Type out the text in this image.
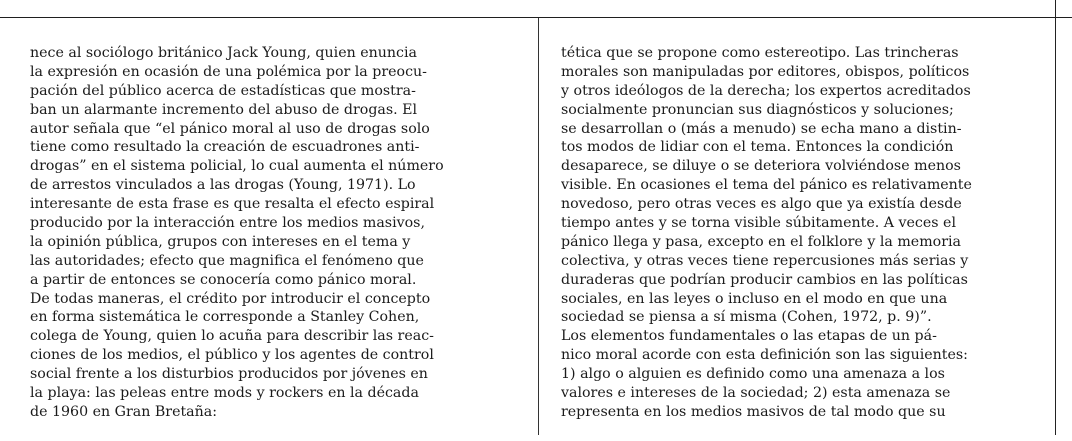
nece al sociólogo británico Jack Young, quien enuncia
la expresión en ocasión de una polémica por la preocu-
pación del público acerca de estadísticas que mostra-
ban un alarmante incremento del abuso de drogas. El
autor señala que “el pánico moral al uso de drogas solo
tiene como resultado la creación de escuadrones anti-
drogas” en el sistema policial, lo cual aumenta el número
de arrestos vinculados a las drogas (Young, 1971). Lo
interesante de esta frase es que resalta el efecto espiral
producido por la interacción entre los medios masivos,
la opinión pública, grupos con intereses en el tema y
las autoridades; efecto que magnifica el fenómeno que
a partir de entonces se conocería como pánico moral.
De todas maneras, el crédito por introducir el concepto
en forma sistemática le corresponde a Stanley Cohen,
colega de Young, quien lo acuña para describir las reac-
ciones de los medios, el público y los agentes de control
social frente a los disturbios producidos por jóvenes en
la playa: las peleas entre mods y rockers en la década
de 1960 en Gran Bretaña:
tética que se propone como estereotipo. Las trincheras
morales son manipuladas por editores, obispos, políticos
y otros ideólogos de la derecha; los expertos acreditados
socialmente pronuncian sus diagnósticos y soluciones;
se desarrollan o (más a menudo) se echa mano a distin-
tos modos de lidiar con el tema. Entonces la condición
desaparece, se diluye o se deteriora volviéndose menos
visible. En ocasiones el tema del pánico es relativamente
novedoso, pero otras veces es algo que ya existía desde
tiempo antes y se torna visible súbitamente. A veces el
pánico llega y pasa, excepto en el folklore y la memoria
colectiva, y otras veces tiene repercusiones más serias y
duraderas que podrían producir cambios en las políticas
sociales, en las leyes o incluso en el modo en que una
sociedad se piensa a sí misma (Cohen, 1972, p. 9)”.
Los elementos fundamentales o las etapas de un pá-
nico moral acorde con esta definición son las siguientes:
1) algo o alguien es definido como una amenaza a los
valores e intereses de la sociedad; 2) esta amenaza se
representa en los medios masivos de tal modo que su
